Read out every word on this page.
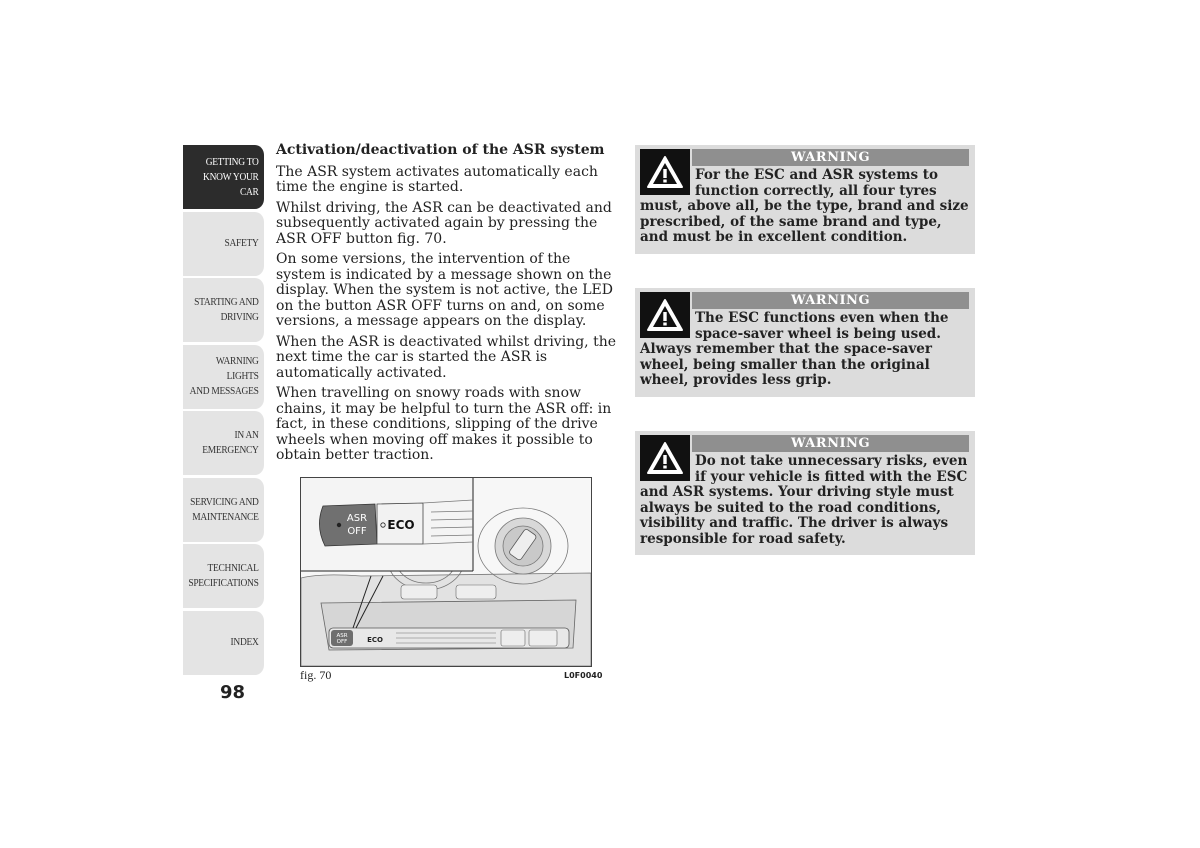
GETTING TO
KNOW YOUR CAR
SAFETY
STARTING AND
DRIVING
WARNING LIGHTS
AND MESSAGES
IN AN EMERGENCY
SERVICING AND
MAINTENANCE
TECHNICAL
SPECIFICATIONS
INDEX
98
Activation/deactivation of the ASR system

The ASR system activates automatically each time the engine is started.

Whilst driving, the ASR can be deactivated and subsequently activated again by pressing the ASR OFF button fig. 70.

On some versions, the intervention of the system is indicated by a message shown on the display. When the system is not active, the LED on the button ASR OFF turns on and, on some versions, a message appears on the display.

When the ASR is deactivated whilst driving, the next time the car is started the ASR is automatically activated.

When travelling on snowy roads with snow chains, it may be helpful to turn the ASR off: in fact, in these conditions, slipping of the drive wheels when moving off makes it possible to obtain better traction.

ASR
OFF	ECO
ASR
OFF ECO
fig. 70	L0F0040
WARNING
For the ESC and ASR systems to function correctly, all four tyres must, above all, be the type, brand and size prescribed, of the same brand and type, and must be in excellent condition.
WARNING
The ESC functions even when the space-saver wheel is being used. Always remember that the space-saver wheel, being smaller than the original wheel, provides less grip.
WARNING
Do not take unnecessary risks, even if your vehicle is fitted with the ESC and ASR systems. Your driving style must always be suited to the road conditions, visibility and traffic. The driver is always responsible for road safety.
